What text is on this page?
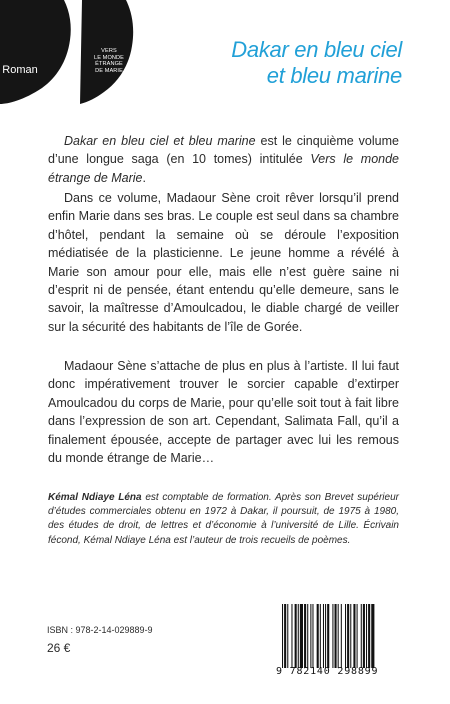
Roman
VERS
LE MONDE
ÉTRANGE
DE MARIE
Dakar en bleu ciel
et bleu marine
Dakar en bleu ciel et bleu marine est le cinquième volume d’une longue saga (en 10 tomes) intitulée Vers le monde étrange de Marie.
Dans ce volume, Madaour Sène croit rêver lorsqu’il prend enfin Marie dans ses bras. Le couple est seul dans sa chambre d’hôtel, pendant la semaine où se déroule l’exposition médiatisée de la plasticienne. Le jeune homme a révélé à Marie son amour pour elle, mais elle n’est guère saine ni d’esprit ni de pensée, étant entendu qu’elle demeure, sans le savoir, la maîtresse d’Amoulcadou, le diable chargé de veiller sur la sécurité des habitants de l’île de Gorée.
Madaour Sène s’attache de plus en plus à l’artiste. Il lui faut donc impérativement trouver le sorcier capable d’extirper Amoulcadou du corps de Marie, pour qu’elle soit tout à fait libre dans l’expression de son art. Cependant, Salimata Fall, qu’il a finalement épousée, accepte de partager avec lui les remous du monde étrange de Marie…
Kémal Ndiaye Léna est comptable de formation. Après son Brevet supérieur d’études commerciales obtenu en 1972 à Dakar, il poursuit, de 1975 à 1980, des études de droit, de lettres et d’économie à l’université de Lille. Écrivain fécond, Kémal Ndiaye Léna est l’auteur de trois recueils de poèmes.
ISBN : 978-2-14-029889-9
26 €
9 782140 298899
